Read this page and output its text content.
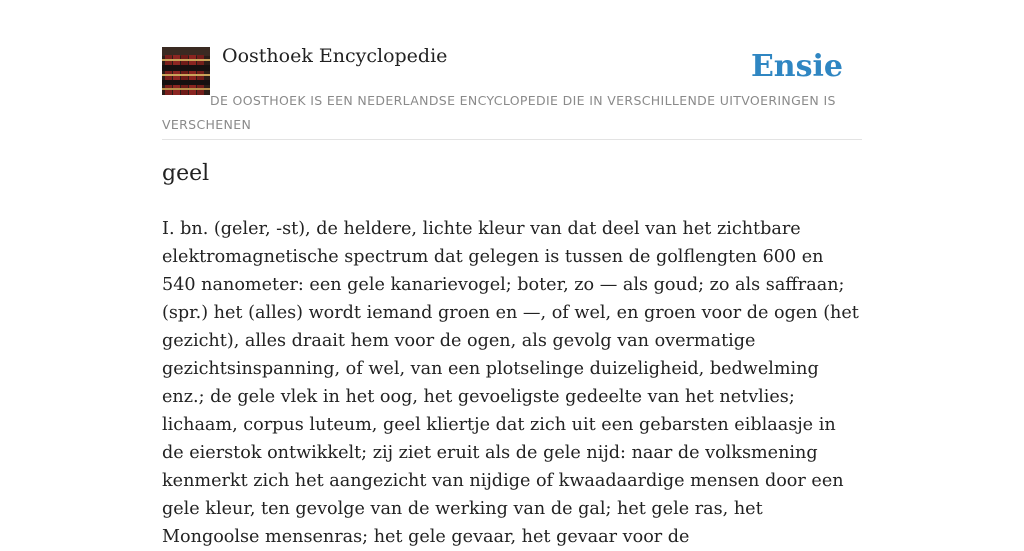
Oosthoek Encyclopedie	Ensie
DE OOSTHOEK IS EEN NEDERLANDSE ENCYCLOPEDIE DIE IN VERSCHILLENDE UITVOERINGEN IS VERSCHENEN
geel

I. bn. (geler, -st), de heldere, lichte kleur van dat deel van het zichtbare elektromagnetische spectrum dat gelegen is tussen de golflengten 600 en 540 nanometer: een gele kanarievogel; boter, zo — als goud; zo als saffraan; (spr.) het (alles) wordt iemand groen en —, of wel, en groen voor de ogen (het gezicht), alles draait hem voor de ogen, als gevolg van overmatige gezichtsinspanning, of wel, van een plotselinge duizeligheid, bedwelming enz.; de gele vlek in het oog, het gevoeligste gedeelte van het netvlies; lichaam, corpus luteum, geel kliertje dat zich uit een gebarsten eiblaasje in de eierstok ontwikkelt; zij ziet eruit als de gele nijd: naar de volksmening kenmerkt zich het aangezicht van nijdige of kwaadaardige mensen door een gele kleur, ten gevolge van de werking van de gal; het gele ras, het Mongoolse mensenras; het gele gevaar, het gevaar voor de
